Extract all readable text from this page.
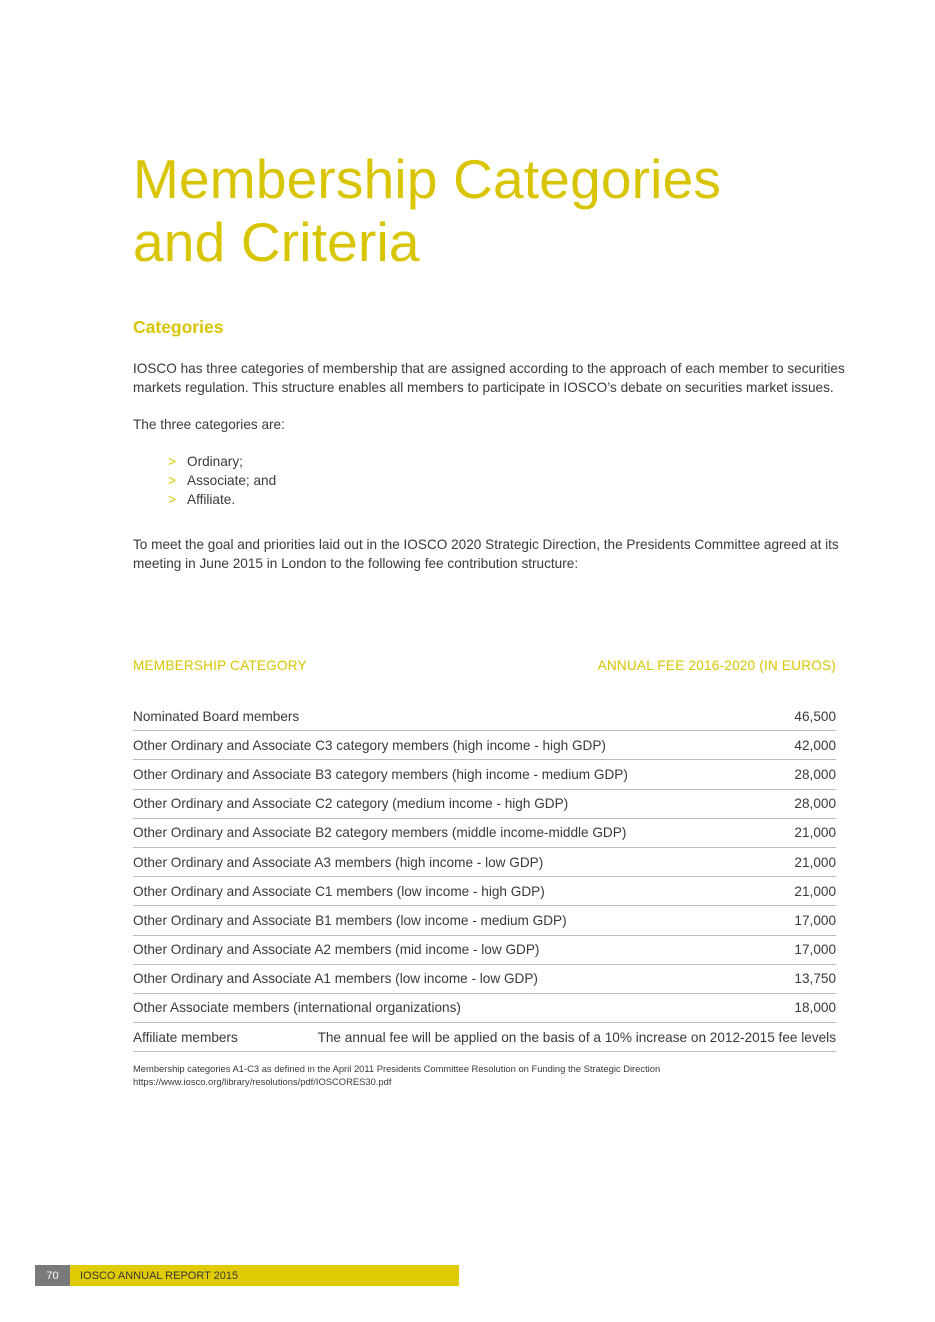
Membership Categories
and Criteria
Categories

IOSCO has three categories of membership that are assigned according to the approach of each member to securities markets regulation. This structure enables all members to participate in IOSCO’s debate on securities market issues.

The three categories are:

> Ordinary;
> Associate; and
> Affiliate.

To meet the goal and priorities laid out in the IOSCO 2020 Strategic Direction, the Presidents Committee agreed at its meeting in June 2015 in London to the following fee contribution structure:

MEMBERSHIP CATEGORY	ANNUAL FEE 2016-2020 (IN EUROS)
Nominated Board members	46,500
Other Ordinary and Associate C3 category members (high income - high GDP)	42,000
Other Ordinary and Associate B3 category members (high income - medium GDP)	28,000
Other Ordinary and Associate C2 category (medium income - high GDP)	28,000
Other Ordinary and Associate B2 category members (middle income-middle GDP)	21,000
Other Ordinary and Associate A3 members (high income - low GDP)	21,000
Other Ordinary and Associate C1 members (low income - high GDP)	21,000
Other Ordinary and Associate B1 members (low income - medium GDP)	17,000
Other Ordinary and Associate A2 members (mid income - low GDP)	17,000
Other Ordinary and Associate A1 members (low income - low GDP)	13,750
Other Associate members (international organizations)	18,000
Affiliate members	The annual fee will be applied on the basis of a 10% increase on 2012-2015 fee levels

Membership categories A1-C3 as defined in the April 2011 Presidents Committee Resolution on Funding the Strategic Direction https://www.iosco.org/library/resolutions/pdf/IOSCORES30.pdf

70	IOSCO ANNUAL REPORT 2015
